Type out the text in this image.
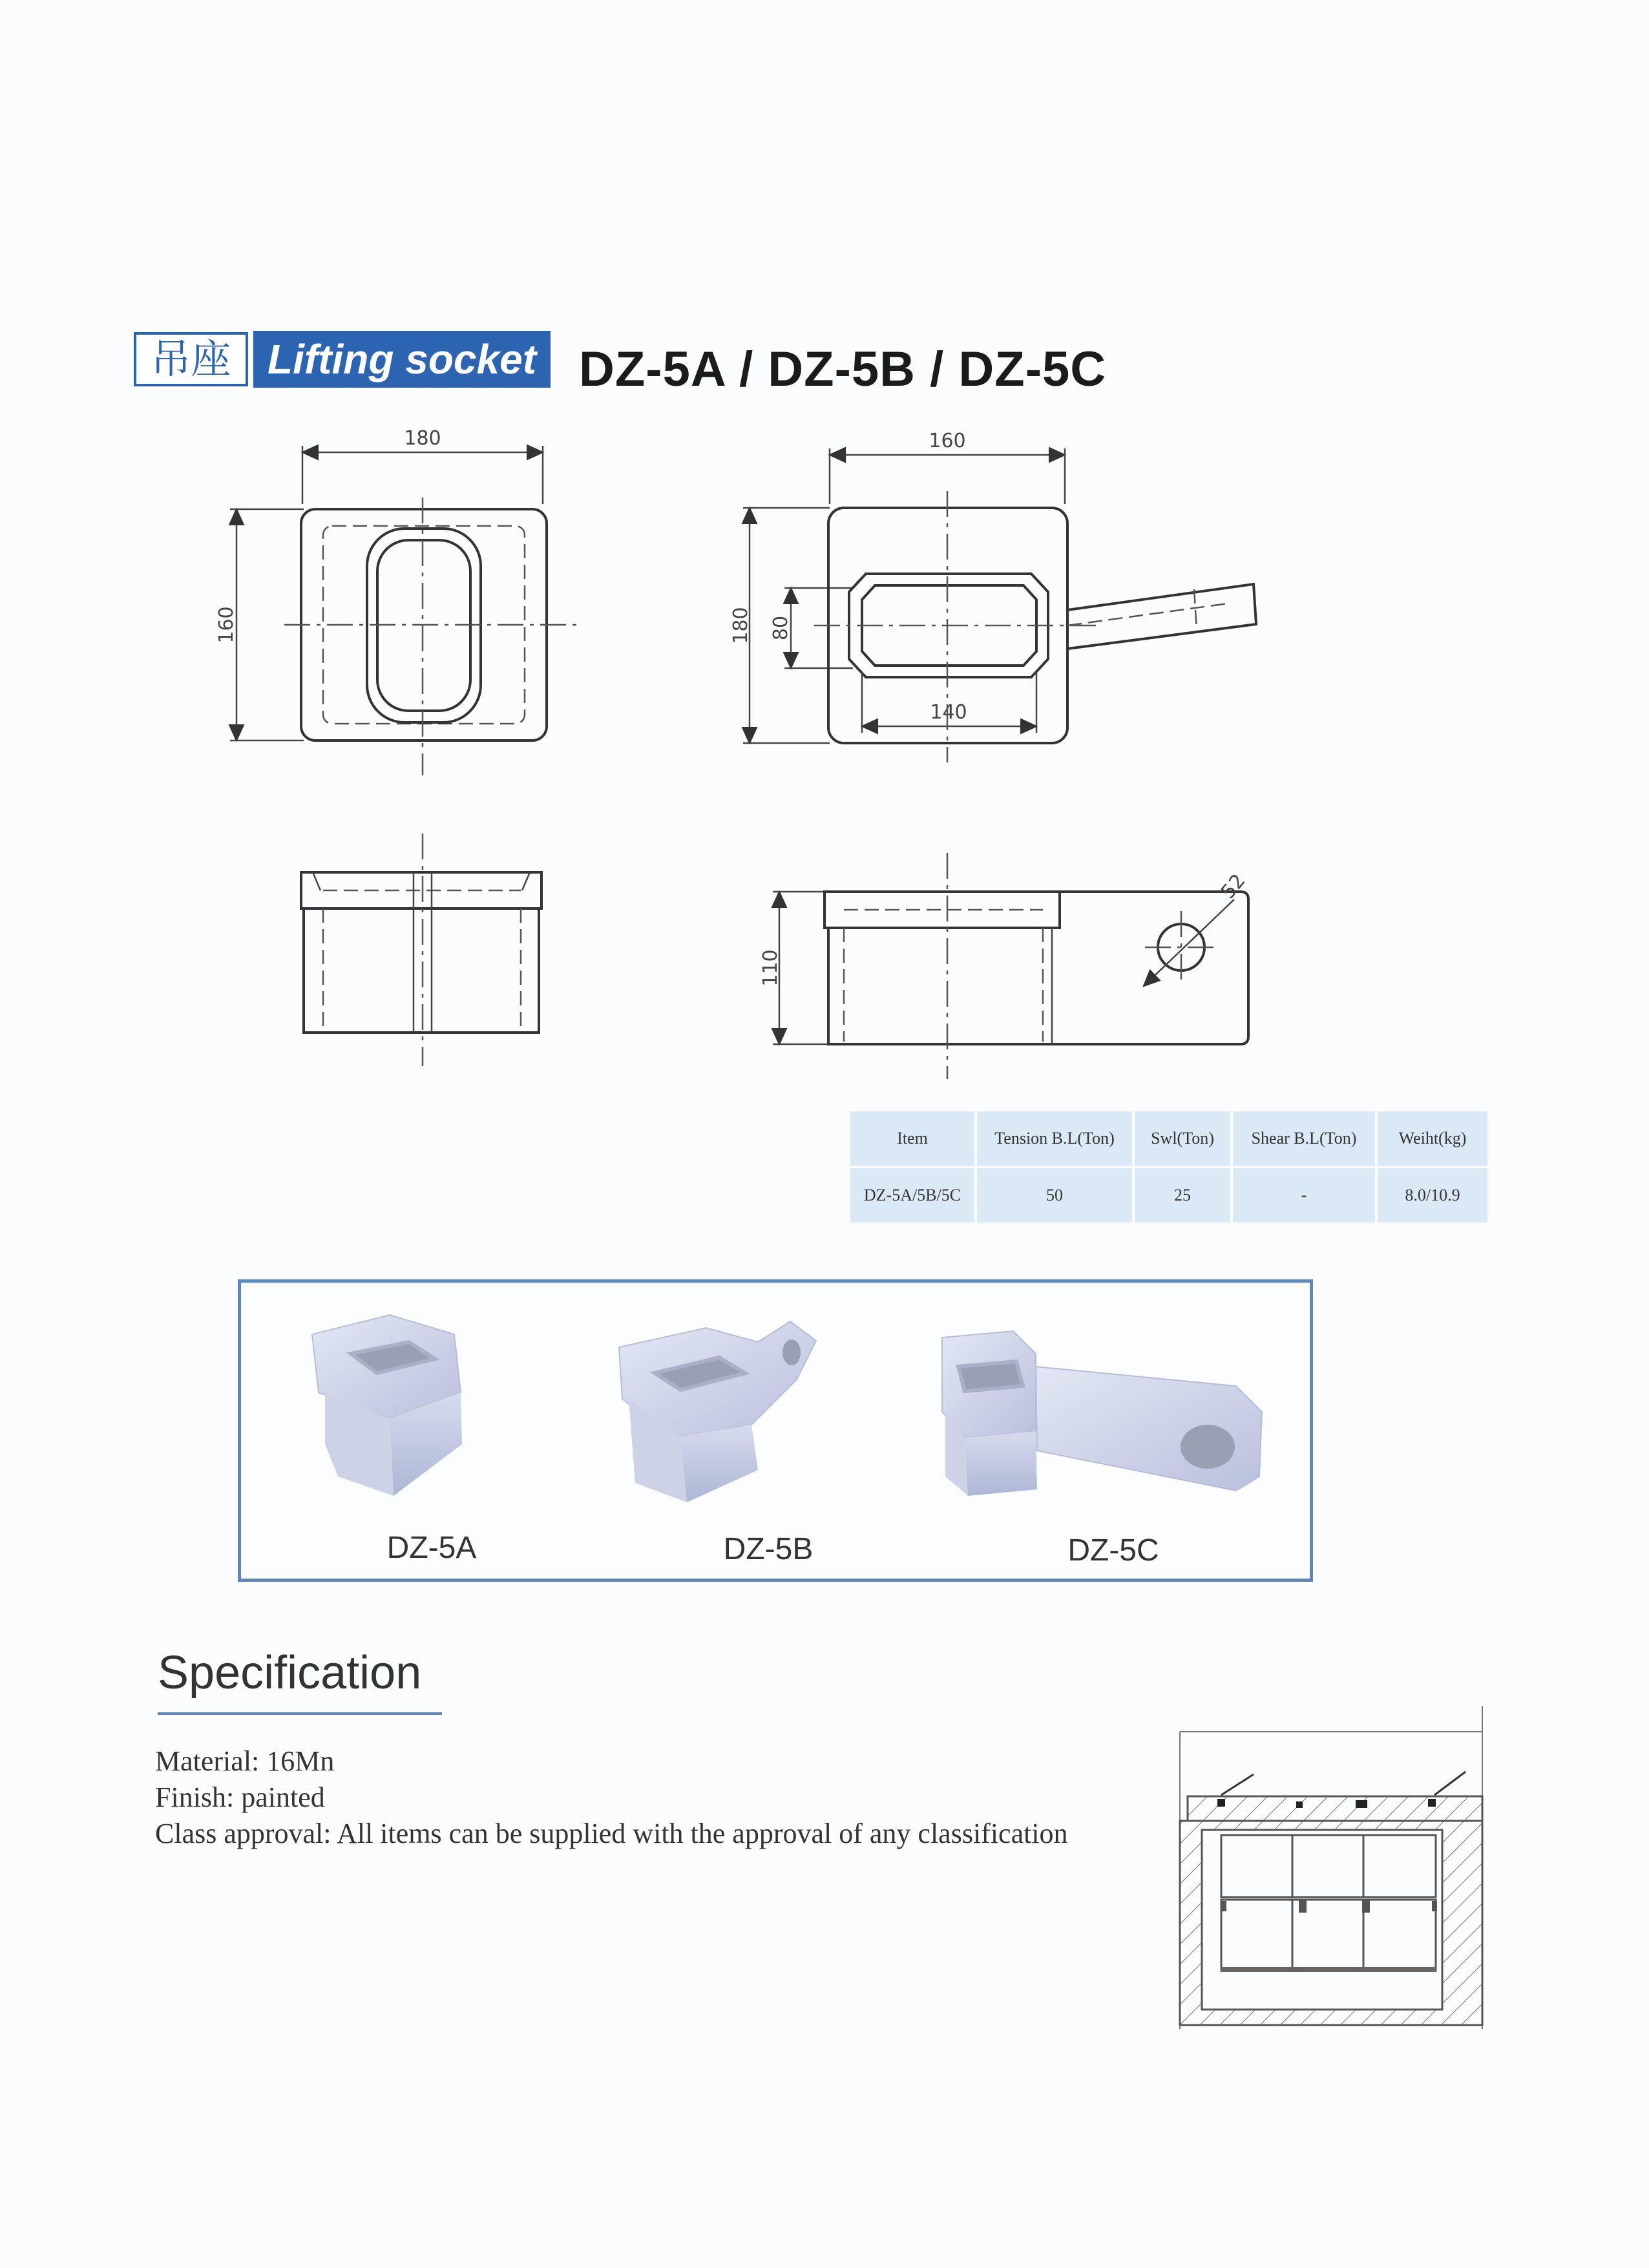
吊座 Lifting socket DZ-5A / DZ-5B / DZ-5C
180
160
160
180 80
140
110
52
Item	Tension B.L(Ton)	Swl(Ton)	Shear B.L(Ton)	Weiht(kg)
DZ-5A/5B/5C	50	25	-	8.0/10.9
DZ-5A	DZ-5B	DZ-5C
Specification
Material: 16Mn
Finish: painted
Class approval: All items can be supplied with the approval of any classification
